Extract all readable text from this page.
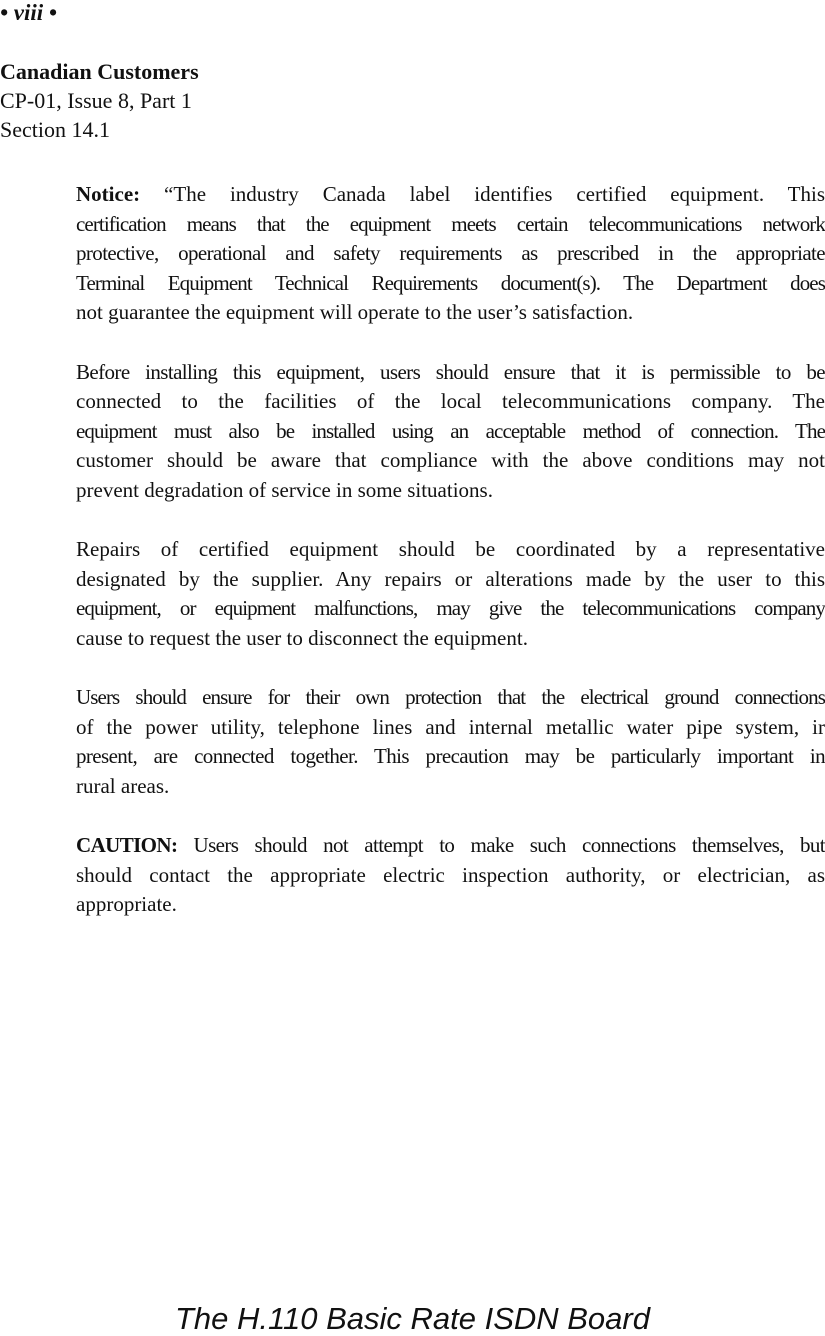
• viii •
Canadian Customers
CP-01, Issue 8, Part 1
Section 14.1
Notice: “The industry Canada label identifies certified equipment. This
certification means that the equipment meets certain telecommunications network
protective, operational and safety requirements as prescribed in the appropriate
Terminal Equipment Technical Requirements document(s). The Department does
not guarantee the equipment will operate to the user’s satisfaction.
Before installing this equipment, users should ensure that it is permissible to be
connected to the facilities of the local telecommunications company. The
equipment must also be installed using an acceptable method of connection. The
customer should be aware that compliance with the above conditions may not
prevent degradation of service in some situations.
Repairs of certified equipment should be coordinated by a representative
designated by the supplier. Any repairs or alterations made by the user to this
equipment, or equipment malfunctions, may give the telecommunications company
cause to request the user to disconnect the equipment.
Users should ensure for their own protection that the electrical ground connections
of the power utility, telephone lines and internal metallic water pipe system, ir
present, are connected together. This precaution may be particularly important in
rural areas.
CAUTION: Users should not attempt to make such connections themselves, but
should contact the appropriate electric inspection authority, or electrician, as
appropriate.
The H.110 Basic Rate ISDN Board
